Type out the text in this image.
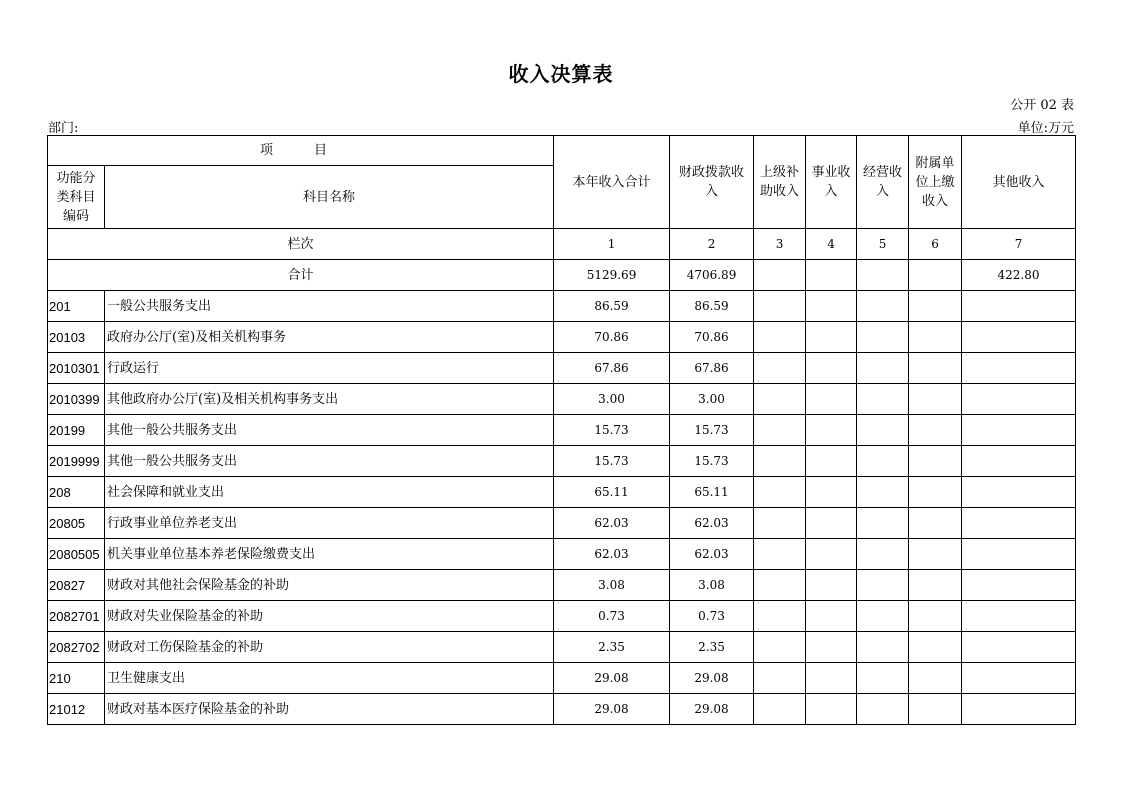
收入决算表
公开 02 表
部门:	单位:万元
项　目		本年收入合计	财政拨款收入	上级补助收入	事业收入	经营收入	附属单位上缴收入	其他收入
功能分类科目编码	科目名称							
栏次		1	2	3	4	5	6	7
合计		5129.69	4706.89					422.80
201	一般公共服务支出	86.59	86.59					
20103	政府办公厅(室)及相关机构事务	70.86	70.86					
2010301	行政运行	67.86	67.86					
2010399	其他政府办公厅(室)及相关机构事务支出	3.00	3.00					
20199	其他一般公共服务支出	15.73	15.73					
2019999	其他一般公共服务支出	15.73	15.73					
208	社会保障和就业支出	65.11	65.11					
20805	行政事业单位养老支出	62.03	62.03					
2080505	机关事业单位基本养老保险缴费支出	62.03	62.03					
20827	财政对其他社会保险基金的补助	3.08	3.08					
2082701	财政对失业保险基金的补助	0.73	0.73					
2082702	财政对工伤保险基金的补助	2.35	2.35					
210	卫生健康支出	29.08	29.08					
21012	财政对基本医疗保险基金的补助	29.08	29.08					
